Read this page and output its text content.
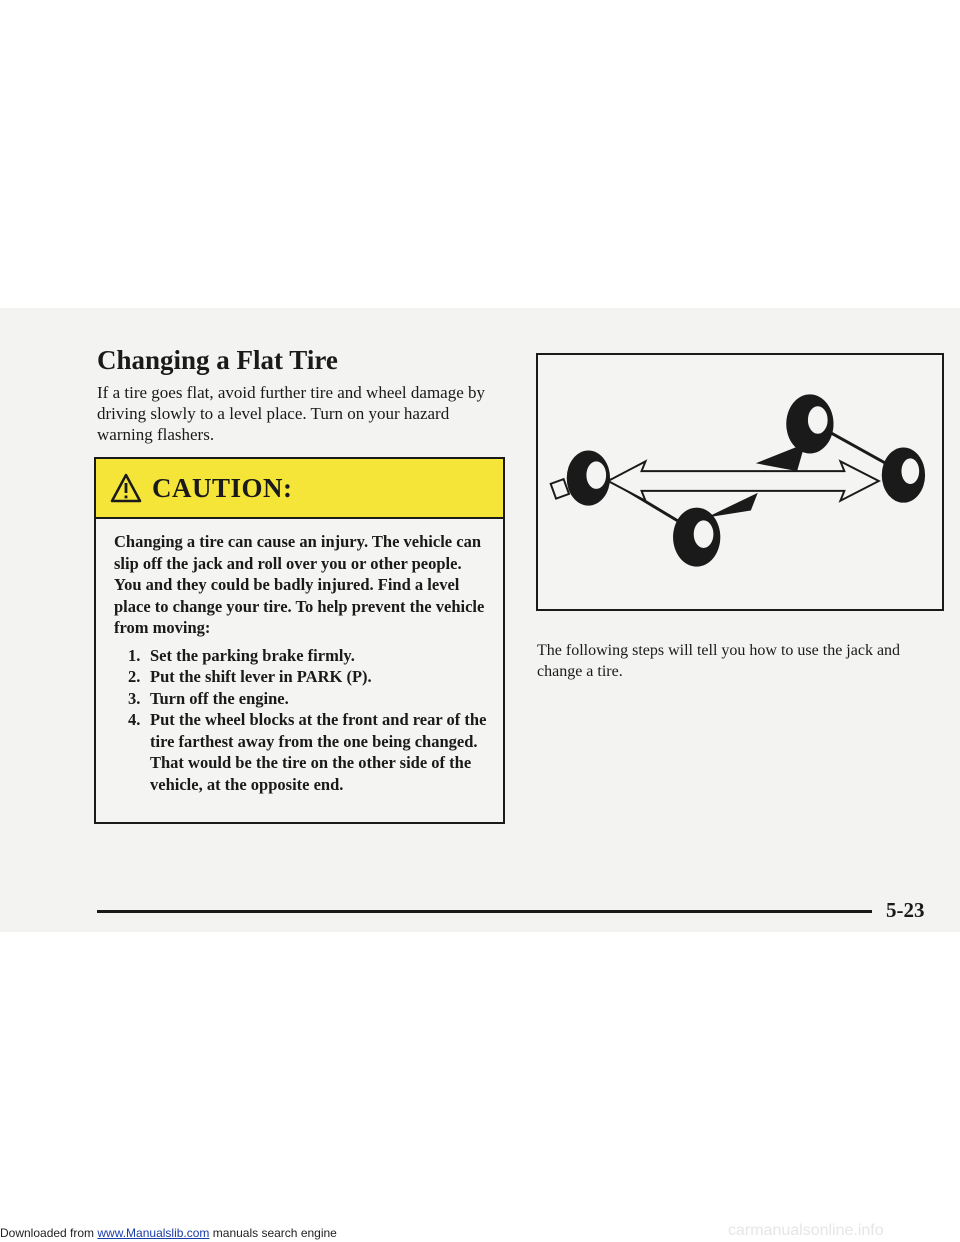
Changing a Flat Tire

If a tire goes flat, avoid further tire and wheel damage by driving slowly to a level place. Turn on your hazard warning flashers.

CAUTION:

Changing a tire can cause an injury. The vehicle can slip off the jack and roll over you or other people. You and they could be badly injured. Find a level place to change your tire. To help prevent the vehicle from moving:

1. Set the parking brake firmly.
2. Put the shift lever in PARK (P).
3. Turn off the engine.
4. Put the wheel blocks at the front and rear of the tire farthest away from the one being changed. That would be the tire on the other side of the vehicle, at the opposite end.

The following steps will tell you how to use the jack and change a tire.

5-23
Downloaded from www.Manualslib.com manuals search engine	carmanualsonline.info
